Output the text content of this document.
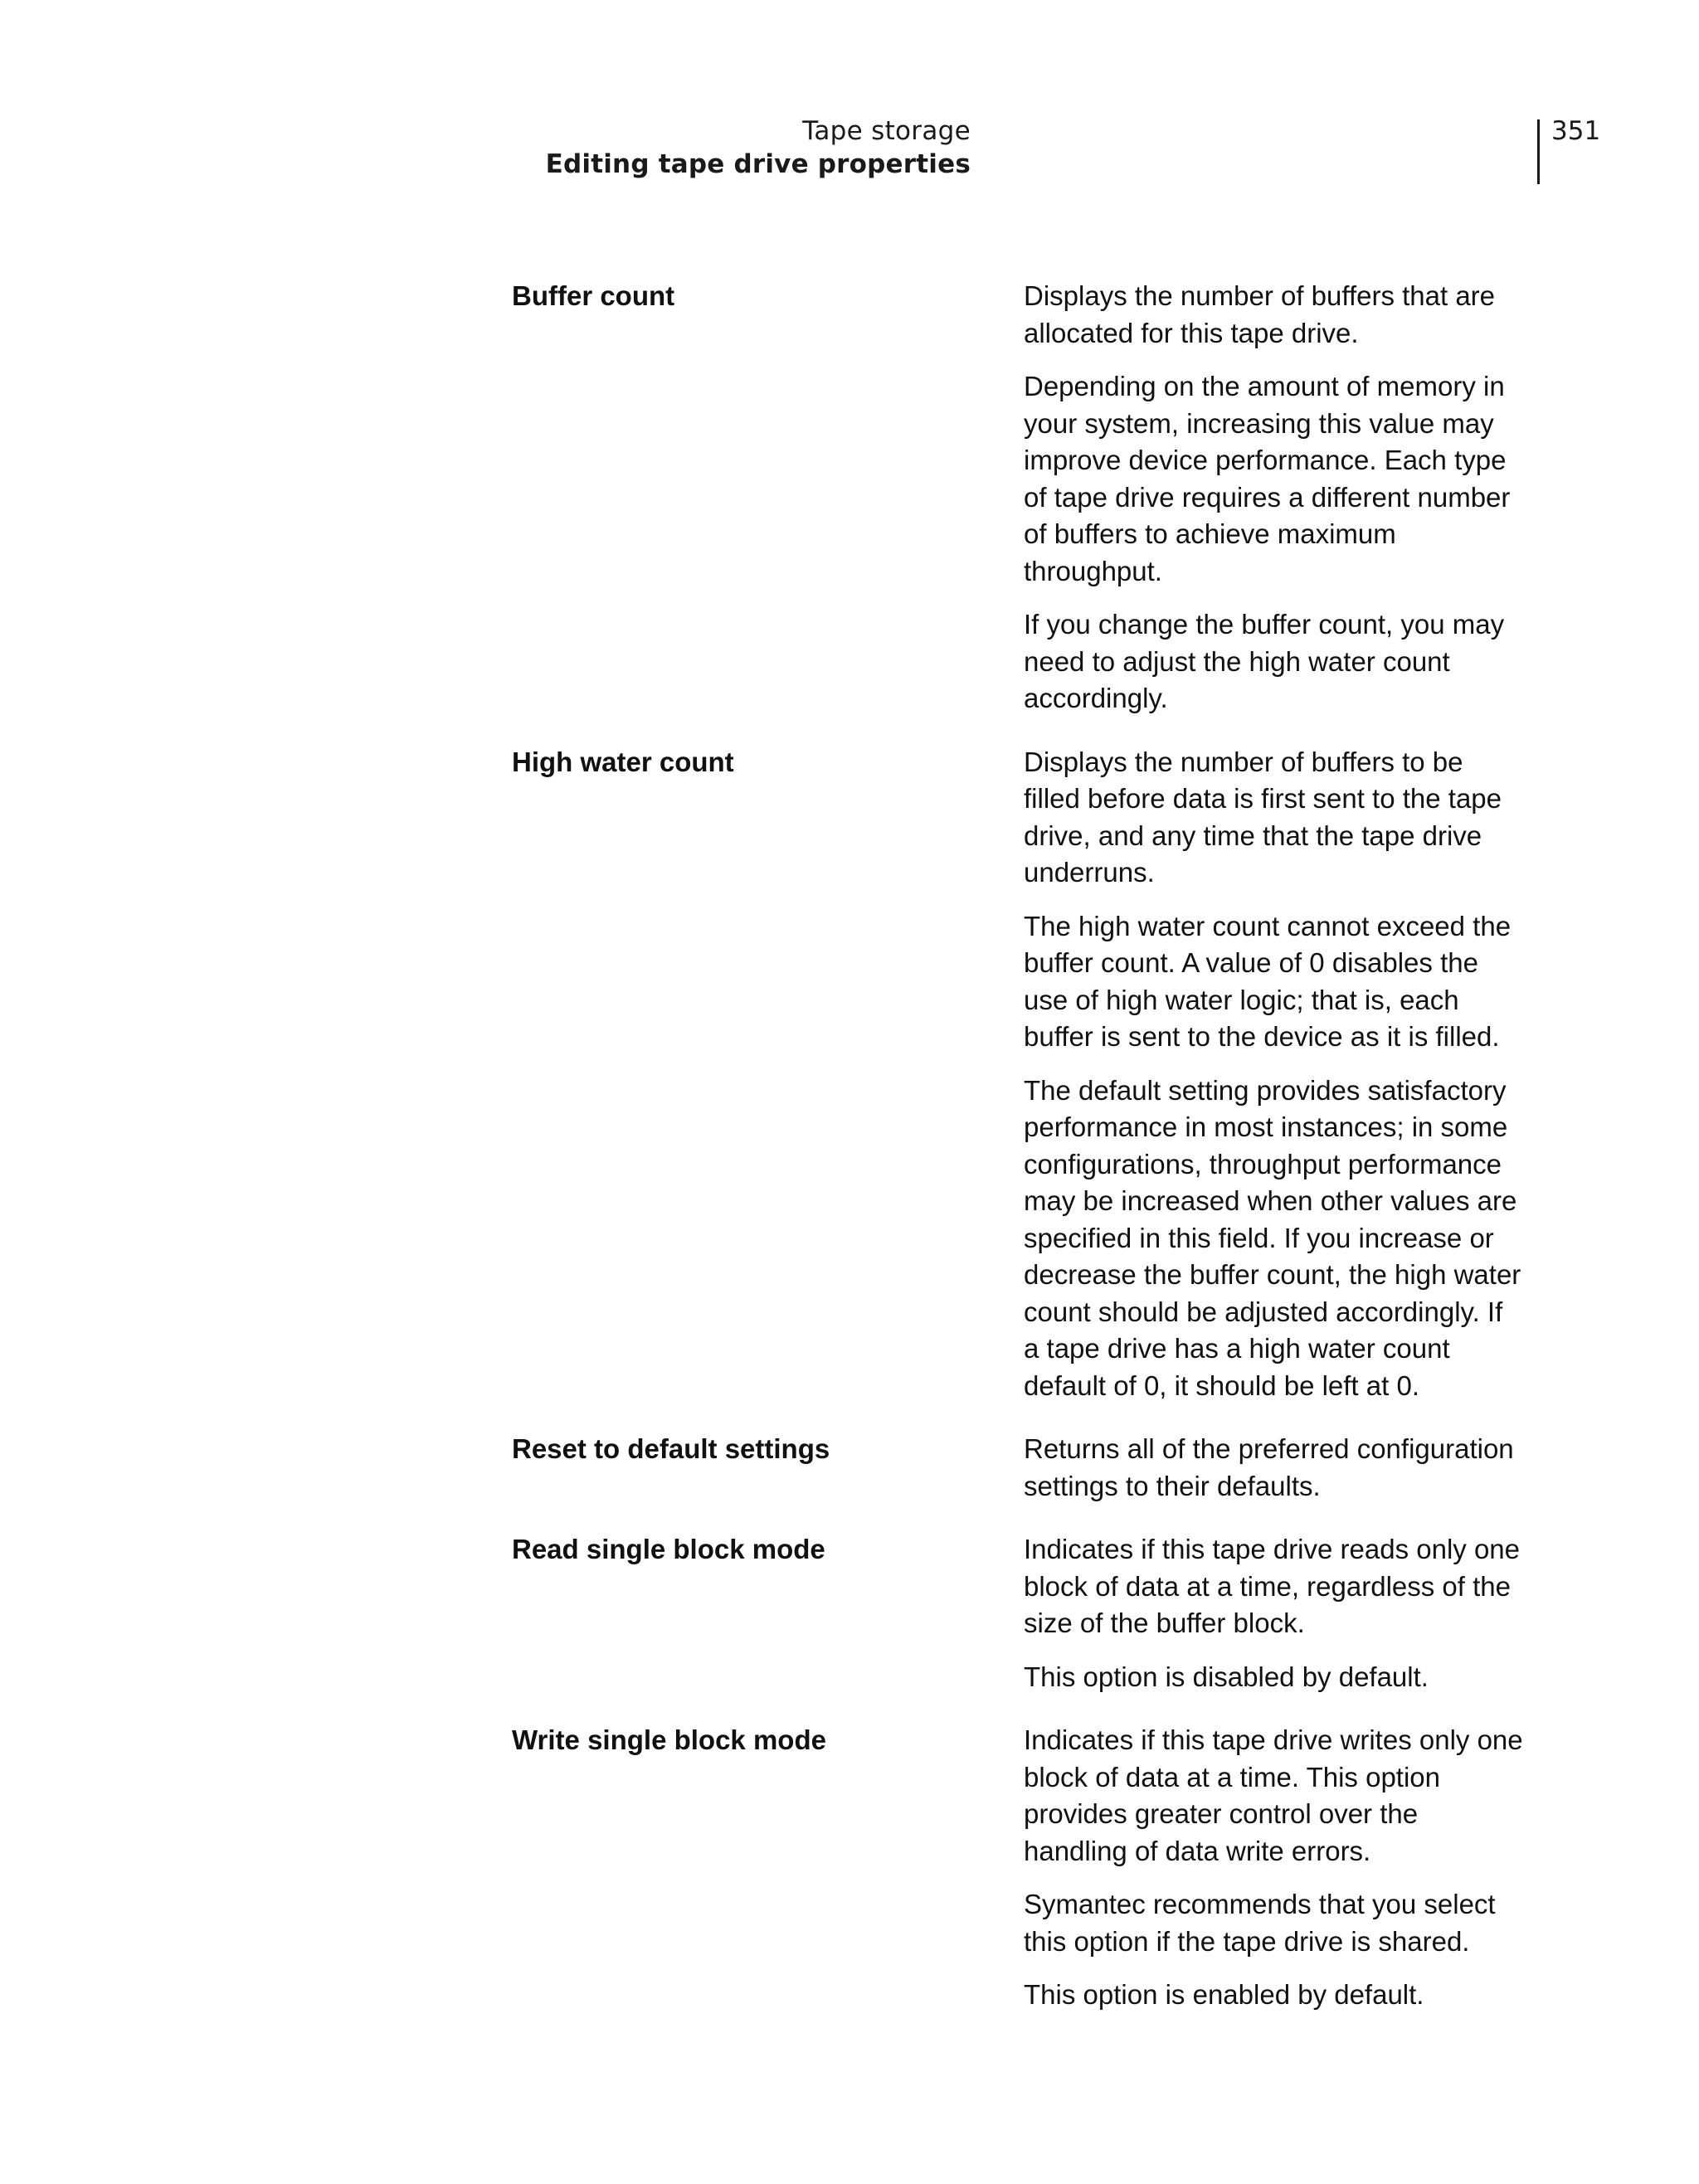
Tape storage
Editing tape drive properties
351
Buffer count	Displays the number of buffers that are allocated for this tape drive.

Depending on the amount of memory in your system, increasing this value may improve device performance. Each type of tape drive requires a different number of buffers to achieve maximum throughput.

If you change the buffer count, you may need to adjust the high water count accordingly.

High water count	Displays the number of buffers to be filled before data is first sent to the tape drive, and any time that the tape drive underruns.

The high water count cannot exceed the buffer count. A value of 0 disables the use of high water logic; that is, each buffer is sent to the device as it is filled.

The default setting provides satisfactory performance in most instances; in some configurations, throughput performance may be increased when other values are specified in this field. If you increase or decrease the buffer count, the high water count should be adjusted accordingly. If a tape drive has a high water count default of 0, it should be left at 0.

Reset to default settings	Returns all of the preferred configuration settings to their defaults.

Read single block mode	Indicates if this tape drive reads only one block of data at a time, regardless of the size of the buffer block.

This option is disabled by default.

Write single block mode	Indicates if this tape drive writes only one block of data at a time. This option provides greater control over the handling of data write errors.

Symantec recommends that you select this option if the tape drive is shared.

This option is enabled by default.
